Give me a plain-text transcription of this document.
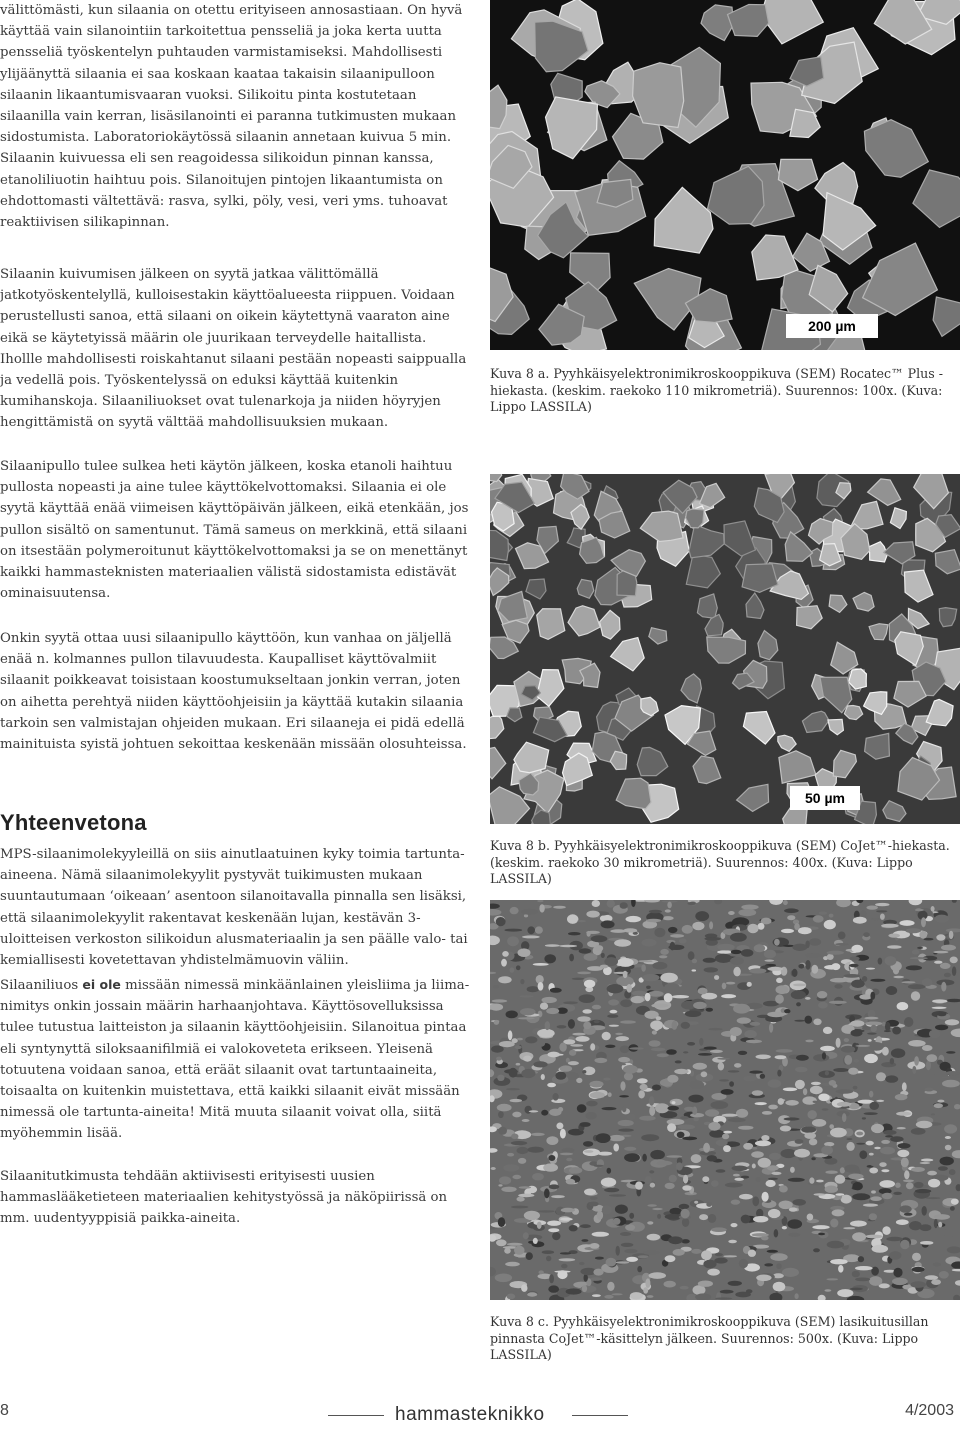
välittömästi, kun silaania on otettu erityiseen annosastiaan. On hyvä käyttää vain silanointiin tarkoitettua pensseliä ja joka kerta uutta pensseliä työskentelyn puhtauden varmistamiseksi. Mahdollisesti ylijäänyttä silaania ei saa koskaan kaataa takaisin silaanipulloon silaanin likaantumisvaaran vuoksi. Silikoitu pinta kostutetaan silaanilla vain kerran, lisäsilanointi ei paranna tutkimusten mukaan sidostumista. Laboratoriokäytössä silaanin annetaan kuivua 5 min. Silaanin kuivuessa eli sen reagoidessa silikoidun pinnan kanssa, etanoliliuotin haihtuu pois. Silanoitujen pintojen likaantumista on ehdottomasti vältettävä: rasva, sylki, pöly, vesi, veri yms. tuhoavat reaktiivisen silikapinnan.

Silaanin kuivumisen jälkeen on syytä jatkaa välittömällä jatkotyöskentelyllä, kulloisestakin käyttöalueesta riippuen. Voidaan perustellusti sanoa, että silaani on oikein käytettynä vaaraton aine eikä se käytetyissä määrin ole juurikaan terveydelle haitallista. Ihollle mahdollisesti roiskahtanut silaani pestään nopeasti saippualla ja vedellä pois. Työskentelyssä on eduksi käyttää kuitenkin kumihanskoja. Silaaniliuokset ovat tulenarkoja ja niiden höyryjen hengittämistä on syytä välttää mahdollisuuksien mukaan.

Silaanipullo tulee sulkea heti käytön jälkeen, koska etanoli haihtuu pullosta nopeasti ja aine tulee käyttökelvottomaksi. Silaania ei ole syytä käyttää enää viimeisen käyttöpäivän jälkeen, eikä etenkään, jos pullon sisältö on samentunut. Tämä sameus on merkkinä, että silaani on itsestään polymeroitunut käyttökelvottomaksi ja se on menettänyt kaikki hammasteknisten materiaalien välistä sidostamista edistävät ominaisuutensa.

Onkin syytä ottaa uusi silaanipullo käyttöön, kun vanhaa on jäljellä enää n. kolmannes pullon tilavuudesta. Kaupalliset käyttövalmiit silaanit poikkeavat toisistaan koostumukseltaan jonkin verran, joten on aihetta perehtyä niiden käyttöohjeisiin ja käyttää kutakin silaania tarkoin sen valmistajan ohjeiden mukaan. Eri silaaneja ei pidä edellä mainituista syistä johtuen sekoittaa keskenään missään olosuhteissa.

Yhteenvetona

MPS-silaanimolekyyleillä on siis ainutlaatuinen kyky toimia tartunta-aineena. Nämä silaanimolekyylit pystyvät tuikimusten mukaan suuntautumaan ‘oikeaan’ asentoon silanoitavalla pinnalla sen lisäksi, että silaanimolekyylit rakentavat keskenään lujan, kestävän 3-uloitteisen verkoston silikoidun alusmateriaalin ja sen päälle valo- tai kemiallisesti kovetettavan yhdistelmämuovin väliin.

Silaaniliuos ei ole missään nimessä minkäänlainen yleisliima ja liima-nimitys onkin jossain määrin harhaanjohtava. Käyttösovelluksissa tulee tutustua laitteiston ja silaanin käyttöohjeisiin. Silanoitua pintaa eli syntynyttä siloksaanifilmiä ei valokoveteta erikseen. Yleisenä totuutena voidaan sanoa, että eräät silaanit ovat tartuntaaineita, toisaalta on kuitenkin muistettava, että kaikki silaanit eivät missään nimessä ole tartunta-aineita! Mitä muuta silaanit voivat olla, siitä myöhemmin lisää.

Silaanitutkimusta tehdään aktiivisesti erityisesti uusien hammaslääketieteen materiaalien kehitystyössä ja näköpiirissä on mm. uudentyyppisiä paikka-aineita.

200 µm
Kuva 8 a. Pyyhkäisyelektronimikroskooppikuva (SEM) Rocatec™ Plus -hiekasta. (keskim. raekoko 110 mikrometriä). Suurennos: 100x. (Kuva: Lippo LASSILA)
50 µm
Kuva 8 b. Pyyhkäisyelektronimikroskooppikuva (SEM) CoJet™-hiekasta. (keskim. raekoko 30 mikrometriä). Suurennos: 400x. (Kuva: Lippo LASSILA)
Kuva 8 c. Pyyhkäisyelektronimikroskooppikuva (SEM) lasikuitusillan pinnasta CoJet™-käsittelyn jälkeen. Suurennos: 500x. (Kuva: Lippo LASSILA)
8	hammasteknikko	4/2003
